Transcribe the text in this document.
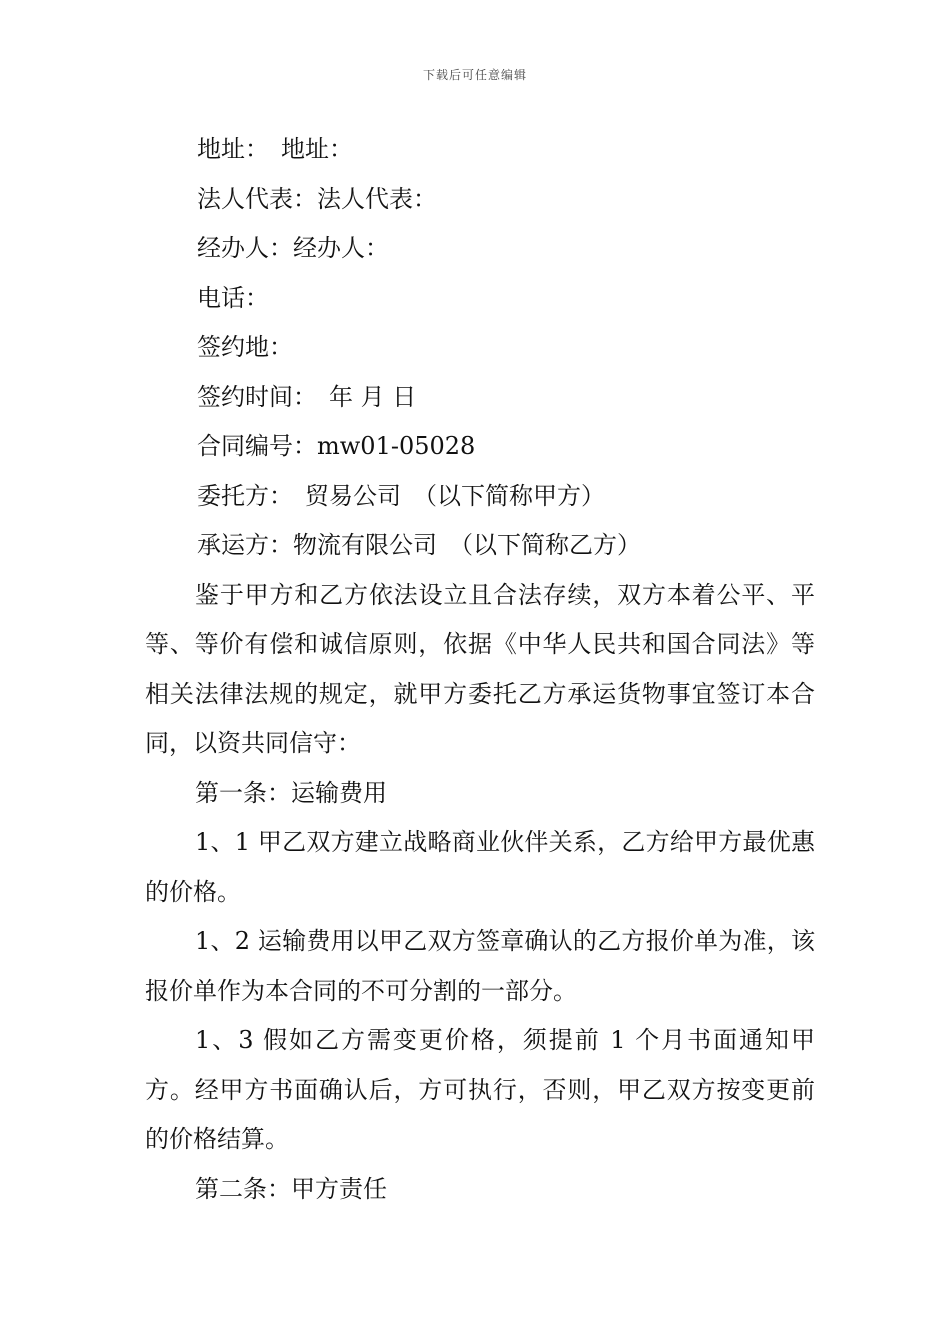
下载后可任意编辑

地址：　地址：

法人代表：法人代表：

经办人：经办人：

电话：

签约地：

签约时间：　年 月 日

合同编号：mw01-05028

委托方：　贸易公司　（以下简称甲方）

承运方：物流有限公司　（以下简称乙方）

鉴于甲方和乙方依法设立且合法存续，双方本着公平、平等、等价有偿和诚信原则，依据《中华人民共和国合同法》等相关法律法规的规定，就甲方委托乙方承运货物事宜签订本合同，以资共同信守：

第一条：运输费用

1、1 甲乙双方建立战略商业伙伴关系，乙方给甲方最优惠的价格。

1、2 运输费用以甲乙双方签章确认的乙方报价单为准，该报价单作为本合同的不可分割的一部分。

1、3 假如乙方需变更价格，须提前 1 个月书面通知甲方。经甲方书面确认后，方可执行，否则，甲乙双方按变更前的价格结算。

第二条：甲方责任
